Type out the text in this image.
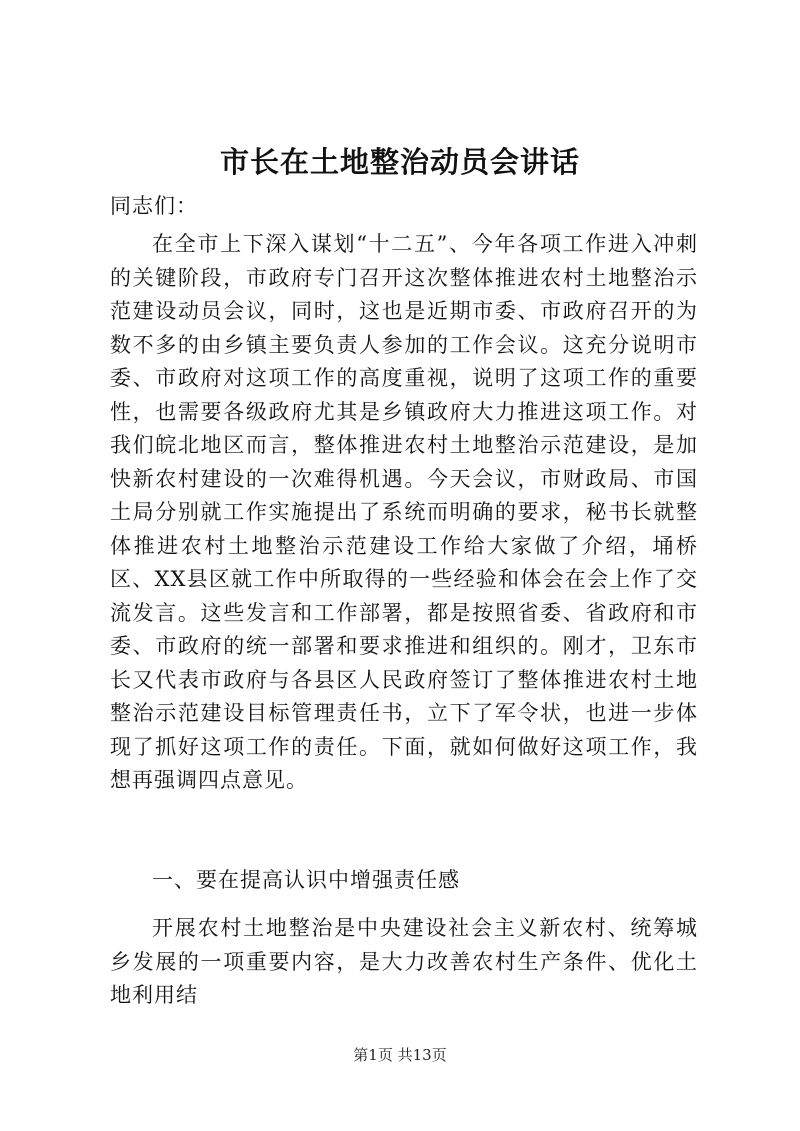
市长在土地整治动员会讲话
同志们：

在全市上下深入谋划“十二五”、今年各项工作进入冲刺的关键阶段，市政府专门召开这次整体推进农村土地整治示范建设动员会议，同时，这也是近期市委、市政府召开的为数不多的由乡镇主要负责人参加的工作会议。这充分说明市委、市政府对这项工作的高度重视，说明了这项工作的重要性，也需要各级政府尤其是乡镇政府大力推进这项工作。对我们皖北地区而言，整体推进农村土地整治示范建设，是加快新农村建设的一次难得机遇。今天会议，市财政局、市国土局分别就工作实施提出了系统而明确的要求，秘书长就整体推进农村土地整治示范建设工作给大家做了介绍，埇桥区、XX县区就工作中所取得的一些经验和体会在会上作了交流发言。这些发言和工作部署，都是按照省委、省政府和市委、市政府的统一部署和要求推进和组织的。刚才，卫东市长又代表市政府与各县区人民政府签订了整体推进农村土地整治示范建设目标管理责任书，立下了军令状，也进一步体现了抓好这项工作的责任。下面，就如何做好这项工作，我想再强调四点意见。

一、要在提高认识中增强责任感

开展农村土地整治是中央建设社会主义新农村、统筹城乡发展的一项重要内容，是大力改善农村生产条件、优化土地利用结

第1页 共13页
